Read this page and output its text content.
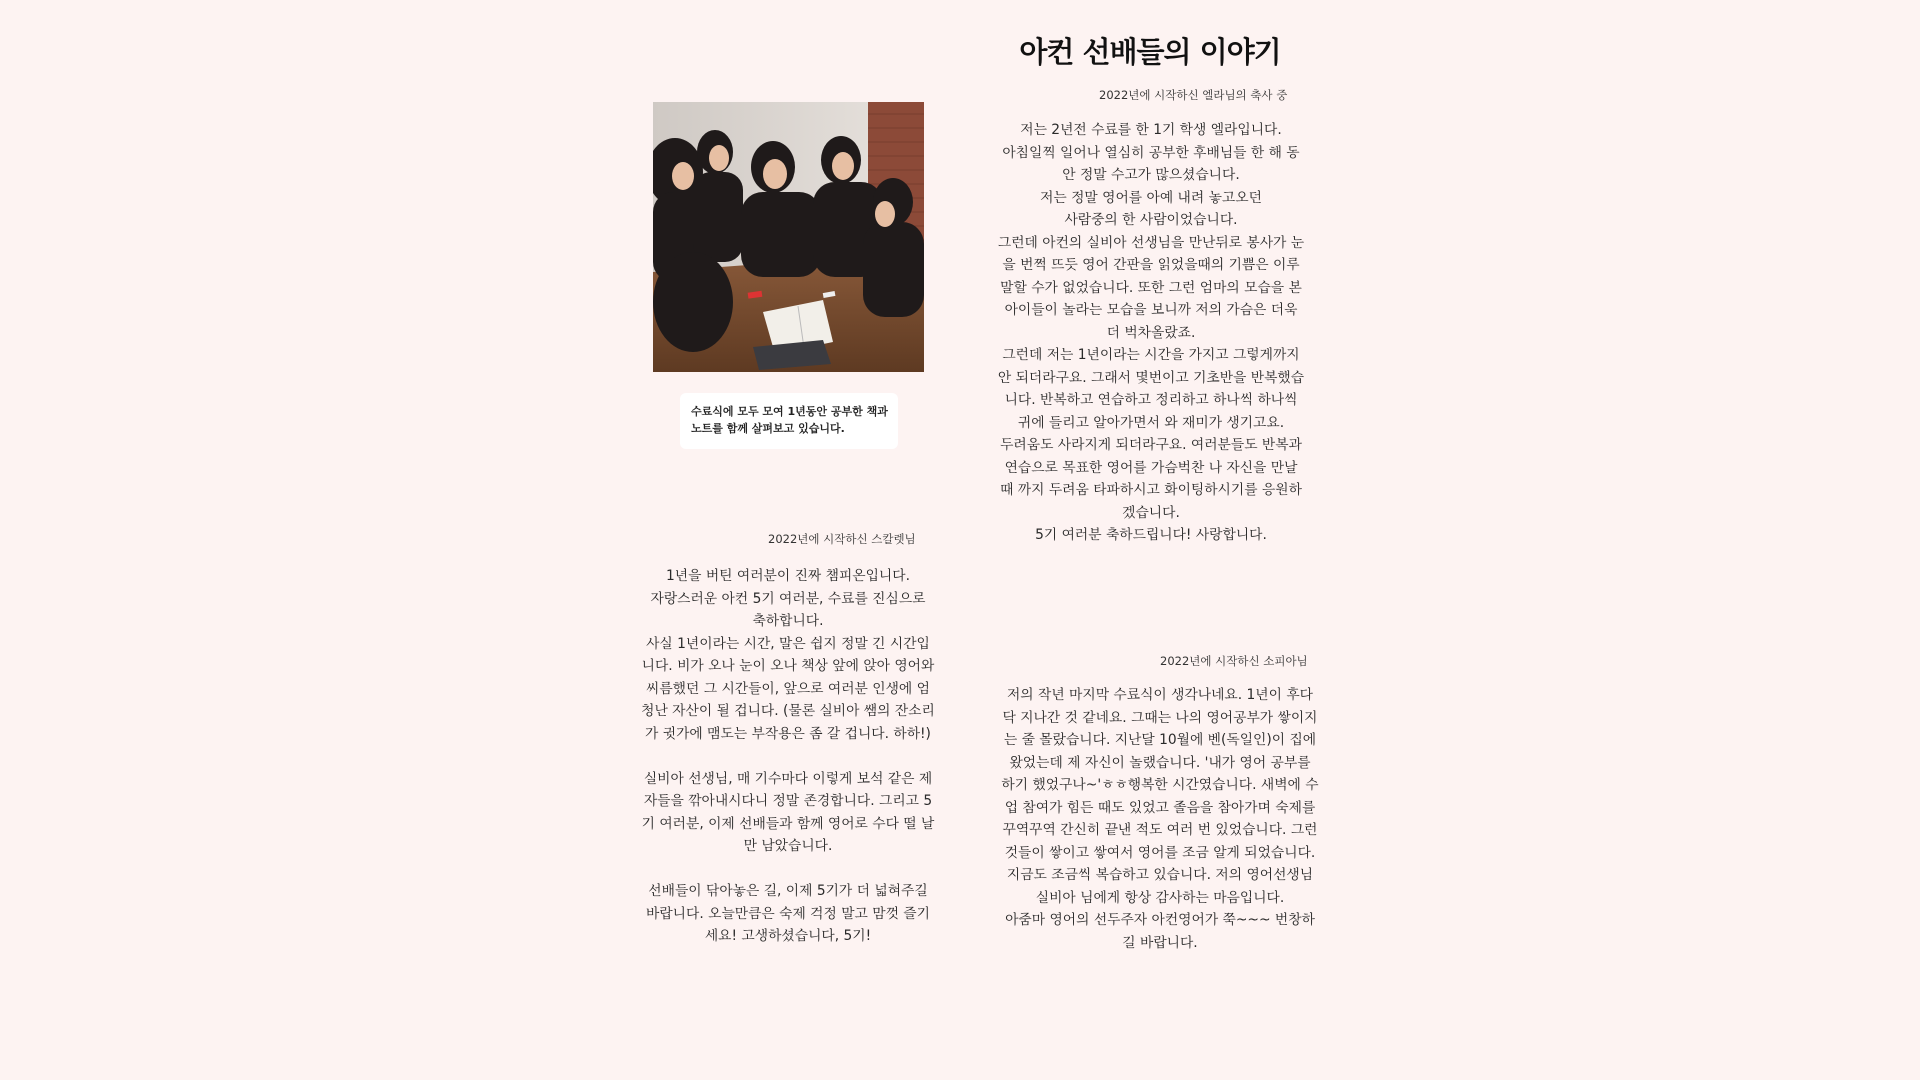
아컨 선배들의 이야기
2022년에 시작하신 엘라님의 축사 중
저는 2년전 수료를 한 1기 학생 엘라입니다.
아침일찍 일어나 열심히 공부한 후배님들 한 해 동
안 정말 수고가 많으셨습니다.
저는 정말 영어를 아예 내려 놓고오던
사람중의 한 사람이었습니다.
그런데 아컨의 실비아 선생님을 만난뒤로 봉사가 눈
을 번쩍 뜨듯 영어 간판을 읽었을때의 기쁨은 이루
말할 수가 없었습니다. 또한 그런 엄마의 모습을 본
아이들이 놀라는 모습을 보니까 저의 가슴은 더욱
더 벅차올랐죠.
그런데 저는 1년이라는 시간을 가지고 그렇게까지
안 되더라구요. 그래서 몇번이고 기초반을 반복했습
니다. 반복하고 연습하고 정리하고 하나씩 하나씩
귀에 들리고 알아가면서 와 재미가 생기고요.
두려움도 사라지게 되더라구요. 여러분들도 반복과
연습으로 목표한 영어를 가슴벅찬 나 자신을 만날
때 까지 두려움 타파하시고 화이팅하시기를 응원하
겠습니다.
5기 여러분 축하드립니다! 사랑합니다.
수료식에 모두 모여 1년동안 공부한 책과
노트를 함께 살펴보고 있습니다.
2022년에 시작하신 스칼렛님
1년을 버틴 여러분이 진짜 챔피온입니다.
자랑스러운 아컨 5기 여러분, 수료를 진심으로
축하합니다.
사실 1년이라는 시간, 말은 쉽지 정말 긴 시간입
니다. 비가 오나 눈이 오나 책상 앞에 앉아 영어와
씨름했던 그 시간들이, 앞으로 여러분 인생에 엄
청난 자산이 될 겁니다. (물론 실비아 쌤의 잔소리
가 귓가에 맴도는 부작용은 좀 갈 겁니다. 하하!)
실비아 선생님, 매 기수마다 이렇게 보석 같은 제
자들을 깎아내시다니 정말 존경합니다. 그리고 5
기 여러분, 이제 선배들과 함께 영어로 수다 떨 날
만 남았습니다.
선배들이 닦아놓은 길, 이제 5기가 더 넓혀주길
바랍니다. 오늘만큼은 숙제 걱정 말고 맘껏 즐기
세요! 고생하셨습니다, 5기!
2022년에 시작하신 소피아님
저의 작년 마지막 수료식이 생각나네요. 1년이 후다
닥 지나간 것 같네요. 그때는 나의 영어공부가 쌓이지
는 줄 몰랐습니다. 지난달 10월에 벤(독일인)이 집에
왔었는데 제 자신이 놀랬습니다. '내가 영어 공부를
하기 했었구나~'ㅎㅎ행복한 시간였습니다. 새벽에 수
업 참여가 힘든 때도 있었고 졸음을 참아가며 숙제를
꾸역꾸역 간신히 끝낸 적도 여러 번 있었습니다. 그런
것들이 쌓이고 쌓여서 영어를 조금 알게 되었습니다.
지금도 조금씩 복습하고 있습니다. 저의 영어선생님
실비아 님에게 항상 감사하는 마음입니다.
아줌마 영어의 선두주자 아컨영어가 쭉~~~ 번창하
길 바랍니다.
